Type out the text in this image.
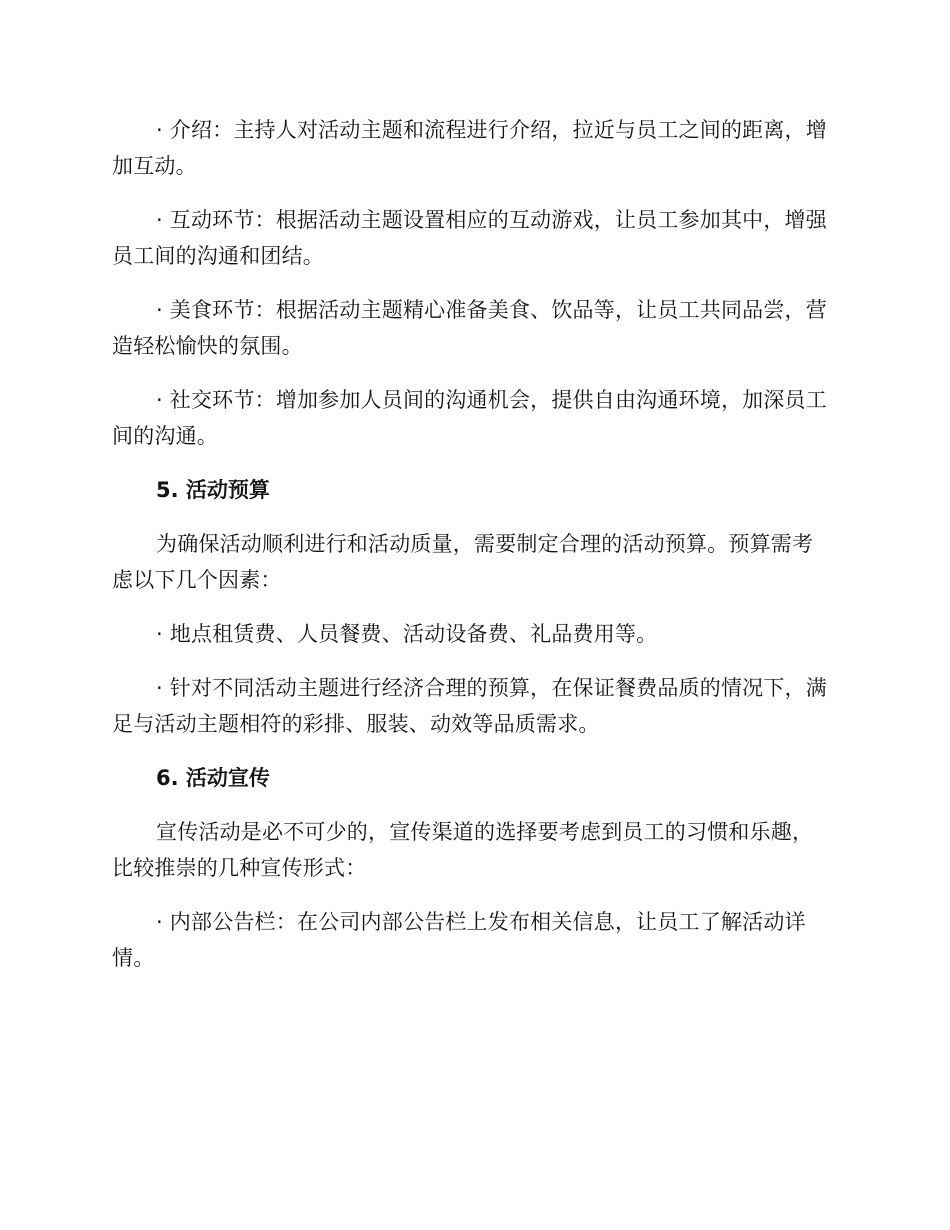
· 介绍：主持人对活动主题和流程进行介绍，拉近与员工之间的距离，增加互动。

· 互动环节：根据活动主题设置相应的互动游戏，让员工参加其中，增强员工间的沟通和团结。

· 美食环节：根据活动主题精心准备美食、饮品等，让员工共同品尝，营造轻松愉快的氛围。

· 社交环节：增加参加人员间的沟通机会，提供自由沟通环境，加深员工间的沟通。

5. 活动预算

为确保活动顺利进行和活动质量，需要制定合理的活动预算。预算需考虑以下几个因素：

· 地点租赁费、人员餐费、活动设备费、礼品费用等。

· 针对不同活动主题进行经济合理的预算，在保证餐费品质的情况下，满足与活动主题相符的彩排、服装、动效等品质需求。

6. 活动宣传

宣传活动是必不可少的，宣传渠道的选择要考虑到员工的习惯和乐趣，比较推崇的几种宣传形式：

· 内部公告栏：在公司内部公告栏上发布相关信息，让员工了解活动详情。
